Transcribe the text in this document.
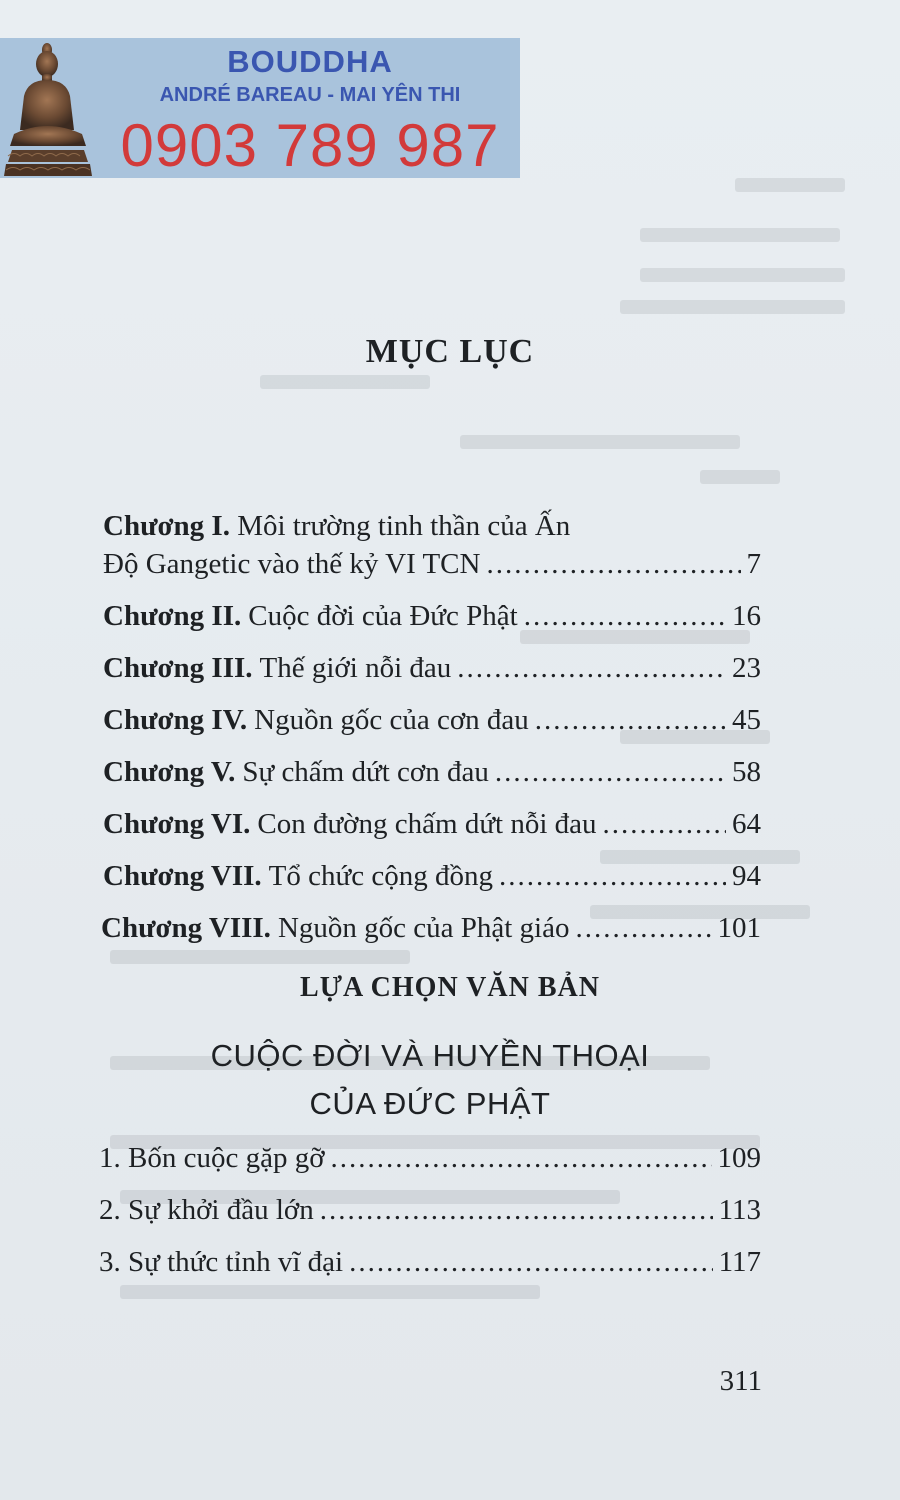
BOUDDHA
ANDRÉ BAREAU - MAI YÊN THI
0903 789 987
MỤC LỤC
Chương I. Môi trường tinh thần của Ấn
Độ Gangetic vào thế kỷ VI TCN .....	7
Chương II. Cuộc đời của Đức Phật .....	16
Chương III. Thế giới nỗi đau .....	23
Chương IV. Nguồn gốc của cơn đau .....	45
Chương V. Sự chấm dứt cơn đau .....	58
Chương VI. Con đường chấm dứt nỗi đau .....	64
Chương VII. Tổ chức cộng đồng .....	94
Chương VIII. Nguồn gốc của Phật giáo .....	101
LỰA CHỌN VĂN BẢN
CUỘC ĐỜI VÀ HUYỀN THOẠI
CỦA ĐỨC PHẬT
1. Bốn cuộc gặp gỡ .....	109
2. Sự khởi đầu lớn .....	113
3. Sự thức tỉnh vĩ đại .....	117
311
